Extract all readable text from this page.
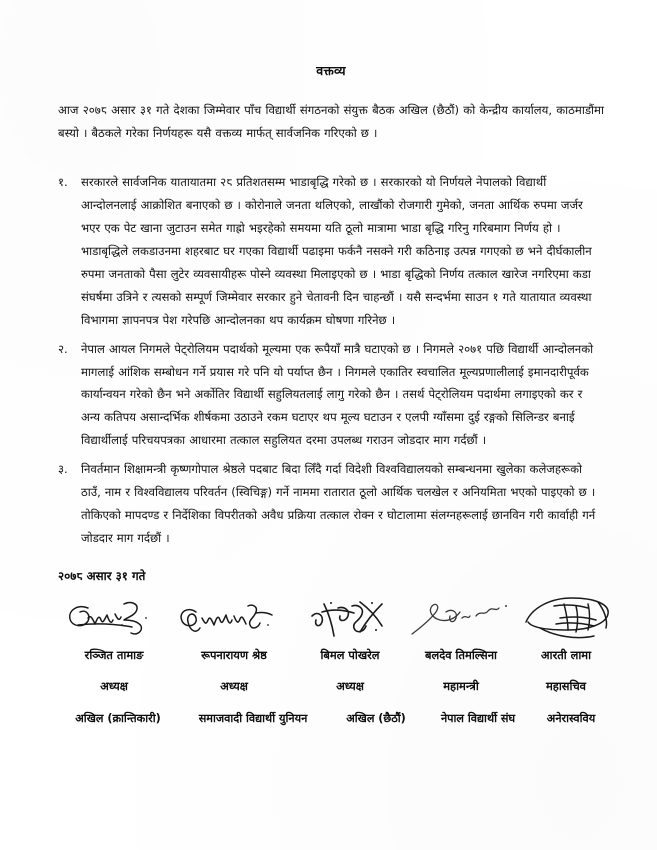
वक्तव्य

आज २०७८ असार ३१ गते देशका जिम्मेवार पाँच विद्यार्थी संगठनको संयुक्त बैठक अखिल (छैठौं) को केन्द्रीय कार्यालय, काठमाडौंमा बस्यो । बैठकले गरेका निर्णयहरू यसै वक्तव्य मार्फत् सार्वजनिक गरिएको छ ।

१. सरकारले सार्वजनिक यातायातमा २८ प्रतिशतसम्म भाडाबृद्धि गरेको छ । सरकारको यो निर्णयले नेपालको विद्यार्थी आन्दोलनलाई आक्रोशित बनाएको छ । कोरोनाले जनता थलिएको, लाखौंको रोजगारी गुमेको, जनता आर्थिक रुपमा जर्जर भएर एक पेट खाना जुटाउन समेत गाह्रो भइरहेको समयमा यति ठूलो मात्रामा भाडा बृद्धि गरिनु गरिबमाग निर्णय हो । भाडाबृद्धिले लकडाउनमा शहरबाट घर गएका विद्यार्थी पढाइमा फर्कनै नसक्ने गरी कठिनाइ उत्पन्न गगएको छ भने दीर्घकालीन रुपमा जनताको पैसा लुटेर व्यवसायीहरू पोस्ने व्यवस्था मिलाइएको छ । भाडा बृद्धिको निर्णय तत्काल खारेज नगरिएमा कडा संघर्षमा उत्रिने र त्यसको सम्पूर्ण जिम्मेवार सरकार हुने चेतावनी दिन चाहन्छौं । यसै सन्दर्भमा साउन १ गते यातायात व्यवस्था विभागमा ज्ञापनपत्र पेश गरेपछि आन्दोलनका थप कार्यक्रम घोषणा गरिनेछ ।
२. नेपाल आयल निगमले पेट्रोलियम पदार्थको मूल्यमा एक रूपैयाँ मात्रै घटाएको छ । निगमले २०७१ पछि विद्यार्थी आन्दोलनको मागलाई आंशिक सम्बोधन गर्ने प्रयास गरे पनि यो पर्याप्त छैन । निगमले एकातिर स्वचालित मूल्यप्रणालीलाई इमानदारीपूर्वक कार्यान्वयन गरेको छैन भने अर्कोतिर विद्यार्थी सहुलियतलाई लागु गरेको छैन । तसर्थ पेट्रोलियम पदार्थमा लगाइएको कर र अन्य कतिपय असान्दर्भिक शीर्षकमा उठाउने रकम घटाएर थप मूल्य घटाउन र एलपी ग्याँसमा दुई रङ्गको सिलिन्डर बनाई विद्यार्थीलाई परिचयपत्रका आधारमा तत्काल सहुलियत दरमा उपलब्ध गराउन जोडदार माग गर्दछौं ।
३. निवर्तमान शिक्षामन्त्री कृष्णगोपाल श्रेष्ठले पदबाट बिदा लिँदै गर्दा विदेशी विश्वविद्यालयको सम्बन्धनमा खुलेका कलेजहरूको ठाउँ, नाम र विश्वविद्यालय परिवर्तन (स्विचिङ्ग) गर्ने नाममा रातारात ठूलो आर्थिक चलखेल र अनियमिता भएको पाइएको छ । तोकिएको मापदण्ड र निर्देशिका विपरीतको अवैध प्रक्रिया तत्काल रोक्न र घोटालामा संलग्नहरूलाई छानविन गरी कार्वाही गर्न जोडदार माग गर्दछौं ।
२०७८ असार ३१ गते
रञ्जित तामाङ	रूपनारायण श्रेष्ठ	बिमल पोखरेल	बलदेव तिमल्सिना	आरती लामा
अध्यक्ष	अध्यक्ष	अध्यक्ष	महामन्त्री	महासचिव
अखिल (क्रान्तिकारी)	समाजवादी विद्यार्थी युनियन	अखिल (छैठौं)	नेपाल विद्यार्थी संघ	अनेरास्वविय
